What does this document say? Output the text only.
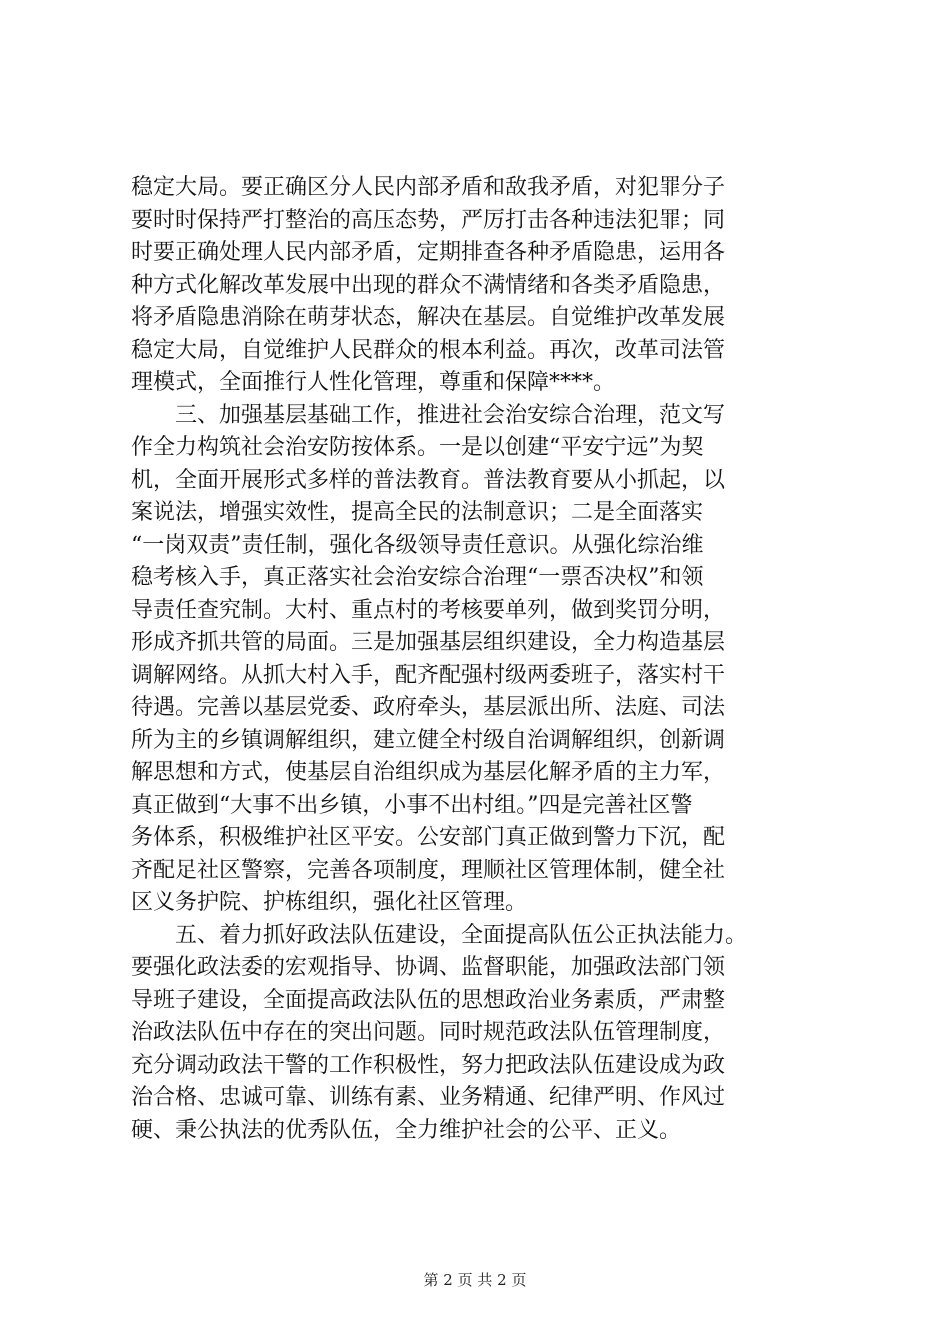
稳定大局。要正确区分人民内部矛盾和敌我矛盾，对犯罪分子
要时时保持严打整治的高压态势，严厉打击各种违法犯罪；同
时要正确处理人民内部矛盾，定期排查各种矛盾隐患，运用各
种方式化解改革发展中出现的群众不满情绪和各类矛盾隐患，
将矛盾隐患消除在萌芽状态，解决在基层。自觉维护改革发展
稳定大局，自觉维护人民群众的根本利益。再次，改革司法管
理模式，全面推行人性化管理，尊重和保障****。
　　三、加强基层基础工作，推进社会治安综合治理，范文写
作全力构筑社会治安防按体系。一是以创建“平安宁远”为契
机，全面开展形式多样的普法教育。普法教育要从小抓起，以
案说法，增强实效性，提高全民的法制意识；二是全面落实
“一岗双责”责任制，强化各级领导责任意识。从强化综治维
稳考核入手，真正落实社会治安综合治理“一票否决权”和领
导责任查究制。大村、重点村的考核要单列，做到奖罚分明，
形成齐抓共管的局面。三是加强基层组织建设，全力构造基层
调解网络。从抓大村入手，配齐配强村级两委班子，落实村干
待遇。完善以基层党委、政府牵头，基层派出所、法庭、司法
所为主的乡镇调解组织，建立健全村级自治调解组织，创新调
解思想和方式，使基层自治组织成为基层化解矛盾的主力军，
真正做到“大事不出乡镇，小事不出村组。”四是完善社区警
务体系，积极维护社区平安。公安部门真正做到警力下沉，配
齐配足社区警察，完善各项制度，理顺社区管理体制，健全社
区义务护院、护栋组织，强化社区管理。
　　五、着力抓好政法队伍建设，全面提高队伍公正执法能力。
要强化政法委的宏观指导、协调、监督职能，加强政法部门领
导班子建设，全面提高政法队伍的思想政治业务素质，严肃整
治政法队伍中存在的突出问题。同时规范政法队伍管理制度，
充分调动政法干警的工作积极性，努力把政法队伍建设成为政
治合格、忠诚可靠、训练有素、业务精通、纪律严明、作风过
硬、秉公执法的优秀队伍，全力维护社会的公平、正义。
第 2 页 共 2 页
